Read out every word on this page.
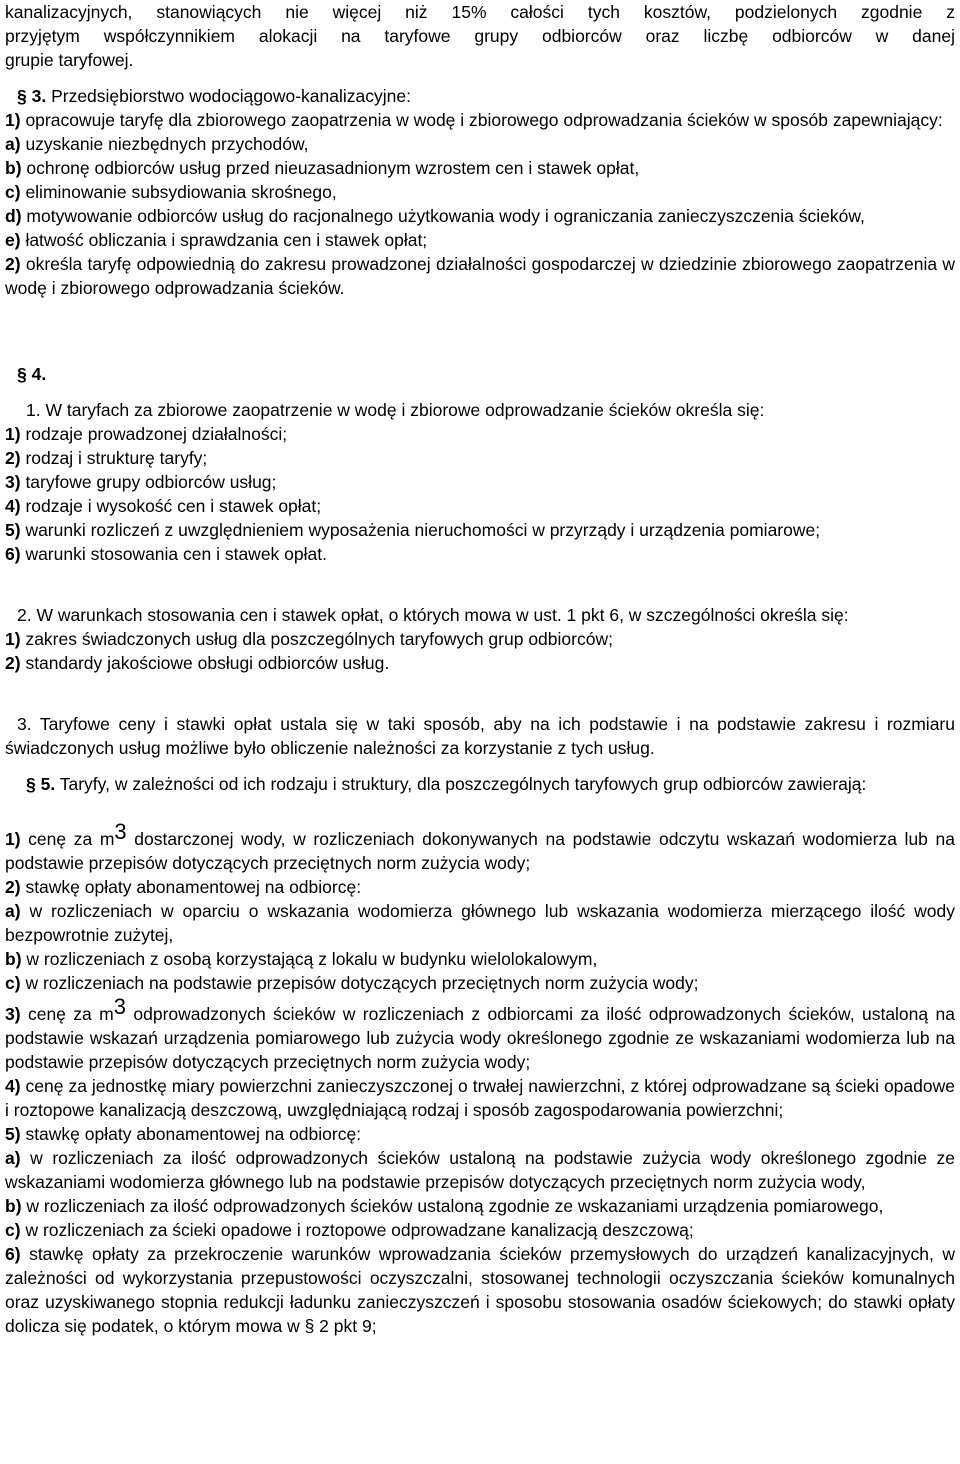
kanalizacyjnych, stanowiących nie więcej niż 15% całości tych kosztów, podzielonych zgodnie z

przyjętym współczynnikiem alokacji na taryfowe grupy odbiorców oraz liczbę odbiorców w danej

grupie taryfowej.

§ 3. Przedsiębiorstwo wodociągowo-kanalizacyjne:

1) opracowuje taryfę dla zbiorowego zaopatrzenia w wodę i zbiorowego odprowadzania ścieków w sposób zapewniający:

a) uzyskanie niezbędnych przychodów,

b) ochronę odbiorców usług przed nieuzasadnionym wzrostem cen i stawek opłat,

c) eliminowanie subsydiowania skrośnego,

d) motywowanie odbiorców usług do racjonalnego użytkowania wody i ograniczania zanieczyszczenia ścieków,

e) łatwość obliczania i sprawdzania cen i stawek opłat;

2) określa taryfę odpowiednią do zakresu prowadzonej działalności gospodarczej w dziedzinie zbiorowego zaopatrzenia w wodę i zbiorowego odprowadzania ścieków.

§ 4.

1. W taryfach za zbiorowe zaopatrzenie w wodę i zbiorowe odprowadzanie ścieków określa się:

1) rodzaje prowadzonej działalności;

2) rodzaj i strukturę taryfy;

3) taryfowe grupy odbiorców usług;

4) rodzaje i wysokość cen i stawek opłat;

5) warunki rozliczeń z uwzględnieniem wyposażenia nieruchomości w przyrządy i urządzenia pomiarowe;

6) warunki stosowania cen i stawek opłat.

2. W warunkach stosowania cen i stawek opłat, o których mowa w ust. 1 pkt 6, w szczególności określa się:

1) zakres świadczonych usług dla poszczególnych taryfowych grup odbiorców;

2) standardy jakościowe obsługi odbiorców usług.

3. Taryfowe ceny i stawki opłat ustala się w taki sposób, aby na ich podstawie i na podstawie zakresu i rozmiaru świadczonych usług możliwe było obliczenie należności za korzystanie z tych usług.

§ 5. Taryfy, w zależności od ich rodzaju i struktury, dla poszczególnych taryfowych grup odbiorców zawierają:

1) cenę za $m^3$ dostarczonej wody, w rozliczeniach dokonywanych na podstawie odczytu wskazań wodomierza lub na podstawie przepisów dotyczących przeciętnych norm zużycia wody;

2) stawkę opłaty abonamentowej na odbiorcę:

a) w rozliczeniach w oparciu o wskazania wodomierza głównego lub wskazania wodomierza mierzącego ilość wody bezpowrotnie zużytej,

b) w rozliczeniach z osobą korzystającą z lokalu w budynku wielolokalowym,

c) w rozliczeniach na podstawie przepisów dotyczących przeciętnych norm zużycia wody;

3) cenę za $m^3$ odprowadzonych ścieków w rozliczeniach z odbiorcami za ilość odprowadzonych ścieków, ustaloną na podstawie wskazań urządzenia pomiarowego lub zużycia wody określonego zgodnie ze wskazaniami wodomierza lub na podstawie przepisów dotyczących przeciętnych norm zużycia wody;

4) cenę za jednostkę miary powierzchni zanieczyszczonej o trwałej nawierzchni, z której odprowadzane są ścieki opadowe i roztopowe kanalizacją deszczową, uwzględniającą rodzaj i sposób zagospodarowania powierzchni;

5) stawkę opłaty abonamentowej na odbiorcę:

a) w rozliczeniach za ilość odprowadzonych ścieków ustaloną na podstawie zużycia wody określonego zgodnie ze wskazaniami wodomierza głównego lub na podstawie przepisów dotyczących przeciętnych norm zużycia wody,

b) w rozliczeniach za ilość odprowadzonych ścieków ustaloną zgodnie ze wskazaniami urządzenia pomiarowego,

c) w rozliczeniach za ścieki opadowe i roztopowe odprowadzane kanalizacją deszczową;

6) stawkę opłaty za przekroczenie warunków wprowadzania ścieków przemysłowych do urządzeń kanalizacyjnych, w zależności od wykorzystania przepustowości oczyszczalni, stosowanej technologii oczyszczania ścieków komunalnych oraz uzyskiwanego stopnia redukcji ładunku zanieczyszczeń i sposobu stosowania osadów ściekowych; do stawki opłaty dolicza się podatek, o którym mowa w § 2 pkt 9;
